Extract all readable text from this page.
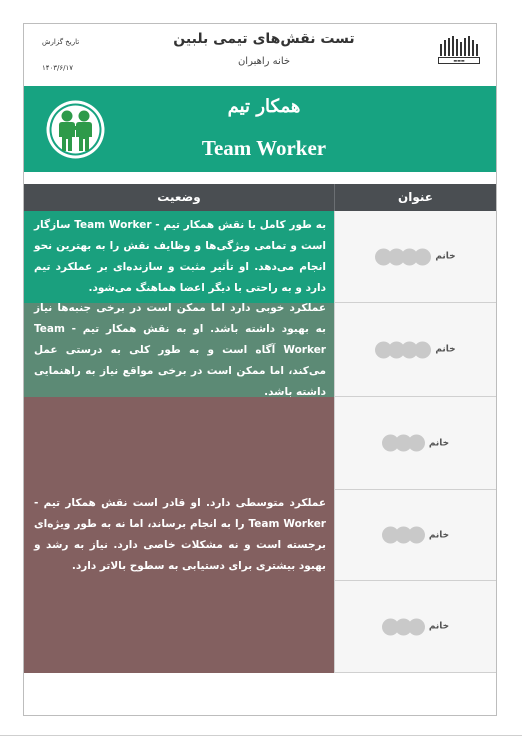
تاریخ گزارش
۱۴۰۳/۶/۱۷
تست نقش‌های تیمی بلبین
خانه راهبران	▬▬▬
همکار تیم
Team Worker
وضعیت	عنوان
به طور کامل با نقش همکار تیم - Team Worker سازگار است و تمامی ویژگی‌ها و وظایف نقش را به بهترین نحو انجام می‌دهد. او تأثیر مثبت و سازنده‌ای بر عملکرد تیم دارد و به راحتی با دیگر اعضا هماهنگ می‌شود.
عملکرد خوبی دارد اما ممکن است در برخی جنبه‌ها نیاز به بهبود داشته باشد. او به نقش همکار تیم - Team Worker آگاه است و به طور کلی به درستی عمل می‌کند، اما ممکن است در برخی مواقع نیاز به راهنمایی داشته باشد.
عملکرد متوسطی دارد. او قادر است نقش همکار تیم - Team Worker را به انجام برساند، اما نه به طور ویژه‌ای برجسته است و نه مشکلات خاصی دارد. نیاز به رشد و بهبود بیشتری برای دستیابی به سطوح بالاتر دارد.
خانم
خانم
خانم
خانم
خانم
